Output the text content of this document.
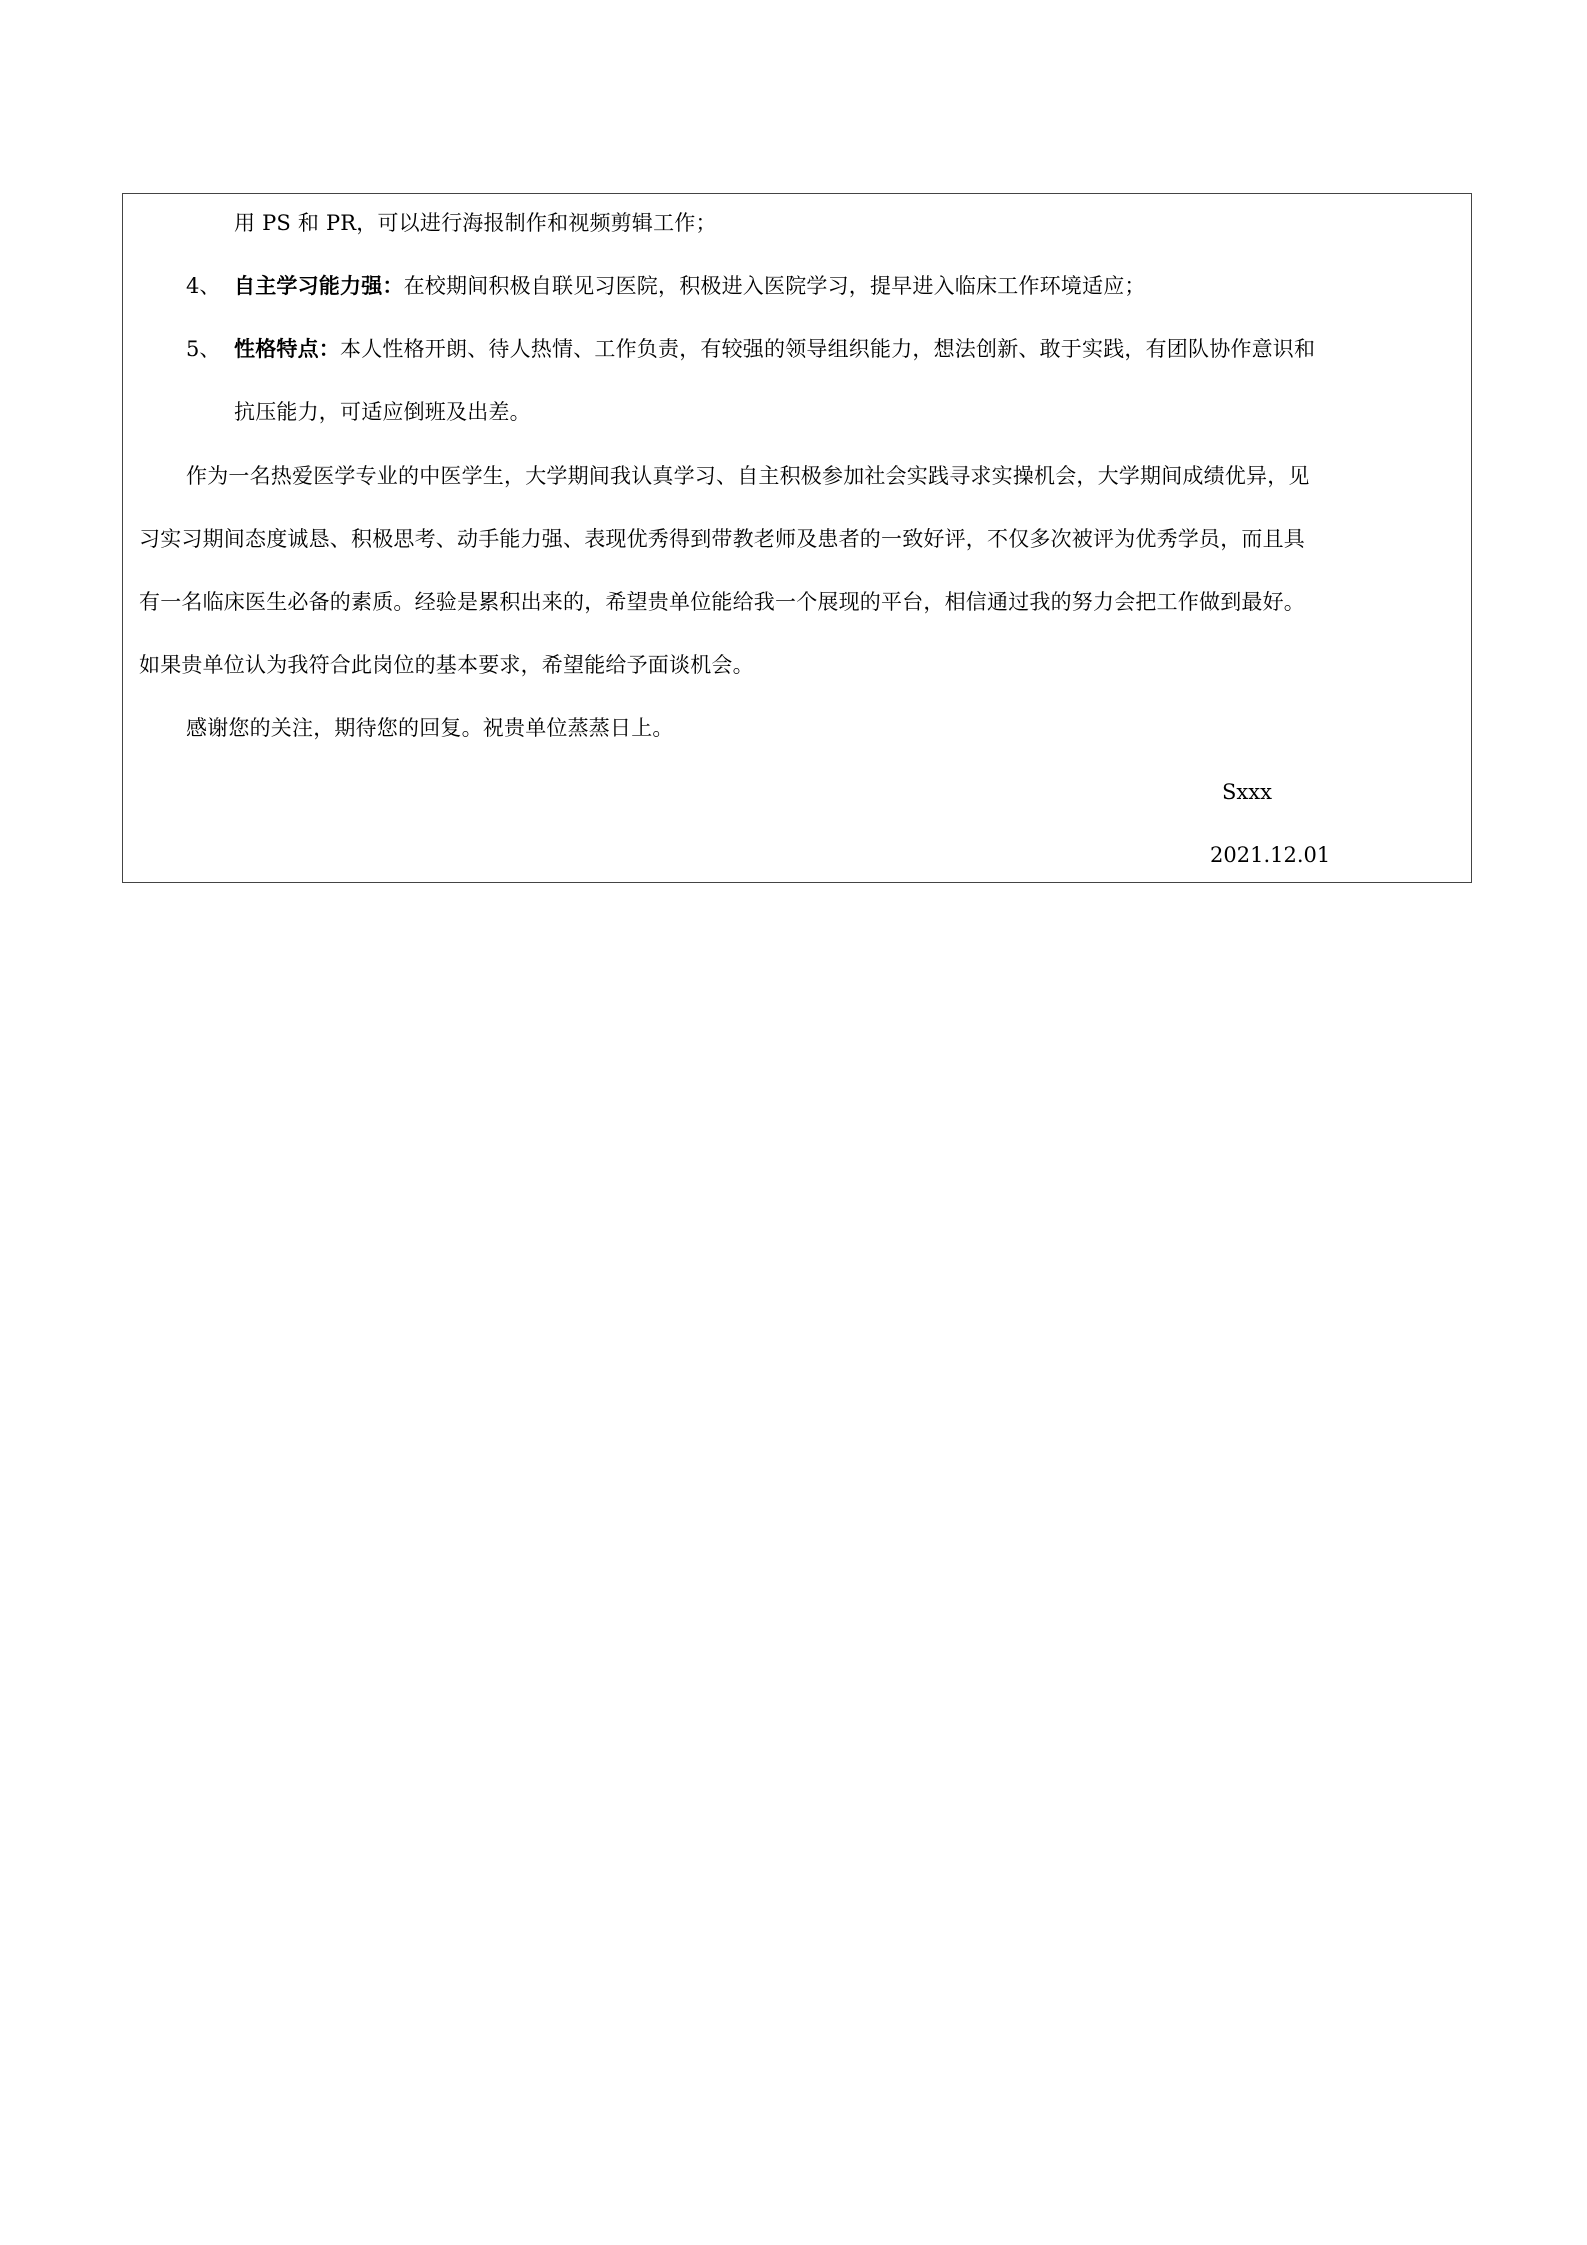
用 PS 和 PR，可以进行海报制作和视频剪辑工作；
4、 自主学习能力强：在校期间积极自联见习医院，积极进入医院学习，提早进入临床工作环境适应；
5、 性格特点：本人性格开朗、待人热情、工作负责，有较强的领导组织能力，想法创新、敢于实践，有团队协作意识和
抗压能力，可适应倒班及出差。
作为一名热爱医学专业的中医学生，大学期间我认真学习、自主积极参加社会实践寻求实操机会，大学期间成绩优异，见
习实习期间态度诚恳、积极思考、动手能力强、表现优秀得到带教老师及患者的一致好评，不仅多次被评为优秀学员，而且具
有一名临床医生必备的素质。经验是累积出来的，希望贵单位能给我一个展现的平台，相信通过我的努力会把工作做到最好。
如果贵单位认为我符合此岗位的基本要求，希望能给予面谈机会。
感谢您的关注，期待您的回复。祝贵单位蒸蒸日上。
Sxxx
2021.12.01
